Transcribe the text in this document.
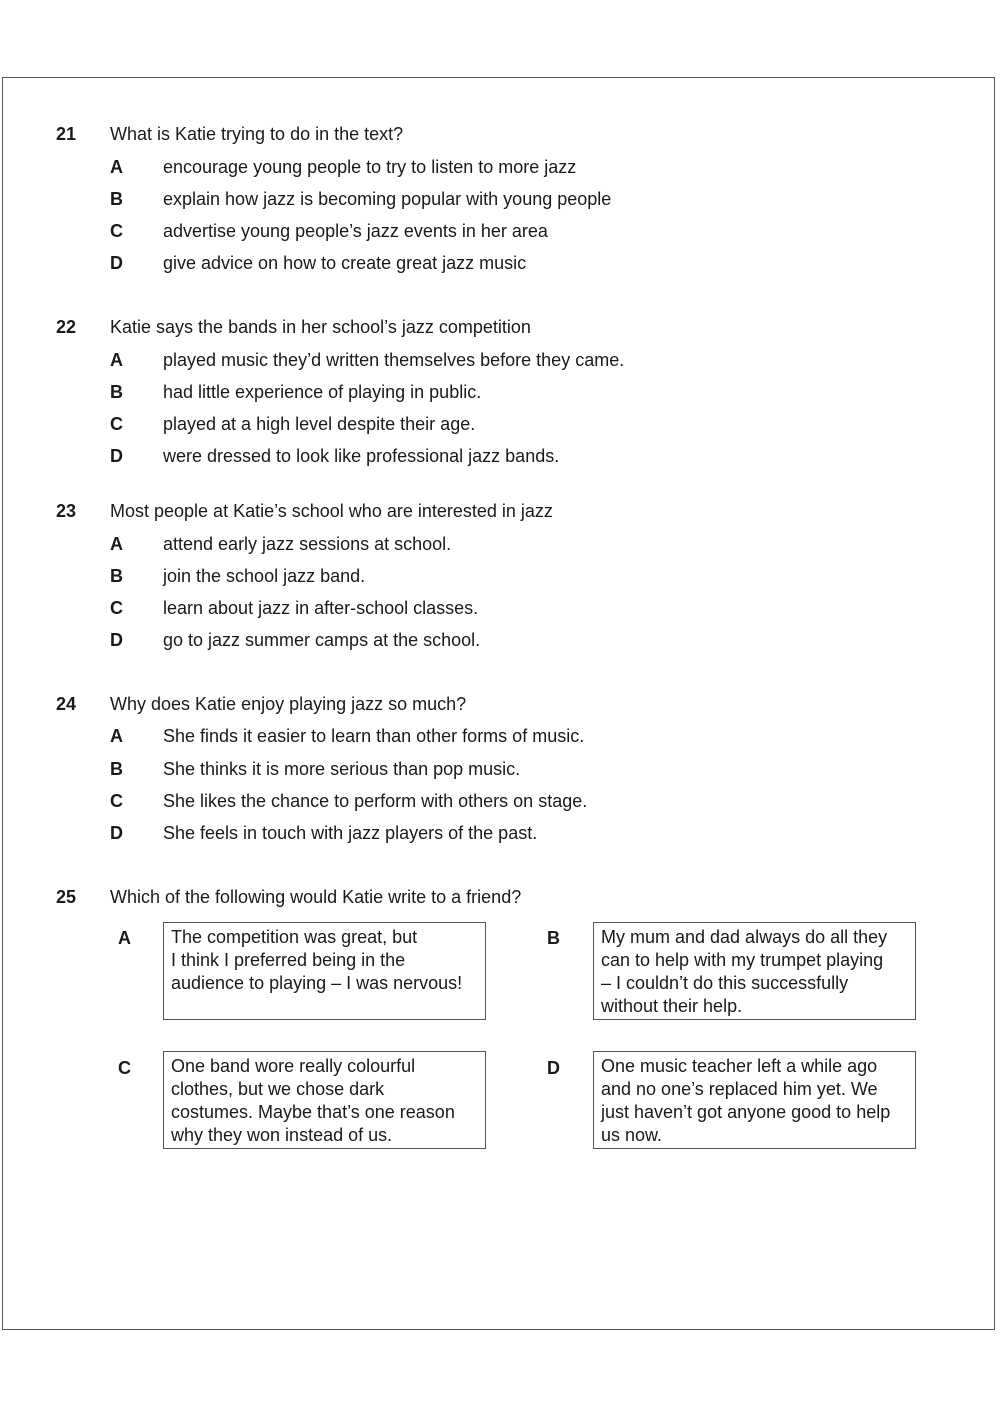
21 What is Katie trying to do in the text?
A encourage young people to try to listen to more jazz
B explain how jazz is becoming popular with young people
C advertise young people’s jazz events in her area
D give advice on how to create great jazz music
22 Katie says the bands in her school’s jazz competition
A played music they’d written themselves before they came.
B had little experience of playing in public.
C played at a high level despite their age.
D were dressed to look like professional jazz bands.
23 Most people at Katie’s school who are interested in jazz
A attend early jazz sessions at school.
B join the school jazz band.
C learn about jazz in after-school classes.
D go to jazz summer camps at the school.
24 Why does Katie enjoy playing jazz so much?
A She finds it easier to learn than other forms of music.
B She thinks it is more serious than pop music.
C She likes the chance to perform with others on stage.
D She feels in touch with jazz players of the past.
25 Which of the following would Katie write to a friend?
A	The competition was great, but
I think I preferred being in the
audience to playing – I was nervous!
B	My mum and dad always do all they
can to help with my trumpet playing
– I couldn’t do this successfully
without their help.
C	One band wore really colourful
clothes, but we chose dark
costumes. Maybe that’s one reason
why they won instead of us.
D	One music teacher left a while ago
and no one’s replaced him yet. We
just haven’t got anyone good to help
us now.
